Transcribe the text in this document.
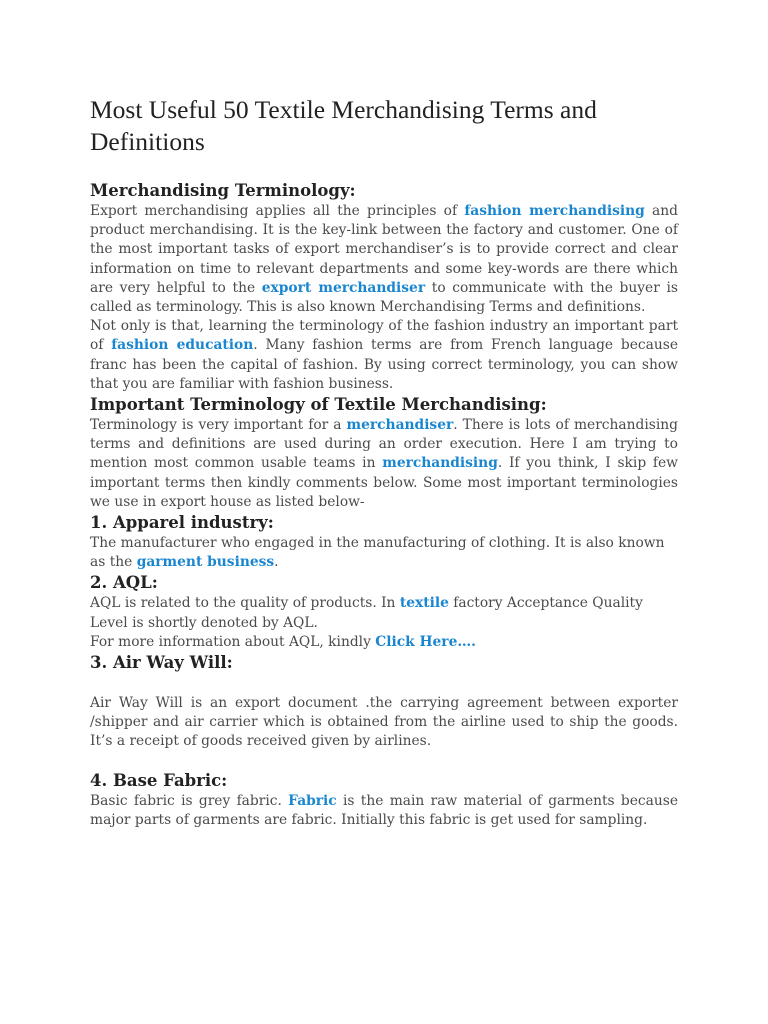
Most Useful 50 Textile Merchandising Terms and Definitions
Merchandising Terminology:

Export merchandising applies all the principles of fashion merchandising and product merchandising. It is the key-link between the factory and customer. One of the most important tasks of export merchandiser’s is to provide correct and clear information on time to relevant departments and some key-words are there which are very helpful to the export merchandiser to communicate with the buyer is called as terminology. This is also known Merchandising Terms and definitions.

Not only is that, learning the terminology of the fashion industry an important part of fashion education. Many fashion terms are from French language because franc has been the capital of fashion. By using correct terminology, you can show that you are familiar with fashion business.

Important Terminology of Textile Merchandising:

Terminology is very important for a merchandiser. There is lots of merchandising terms and definitions are used during an order execution. Here I am trying to mention most common usable teams in merchandising. If you think, I skip few important terms then kindly comments below. Some most important terminologies we use in export house as listed below-

1. Apparel industry:

The manufacturer who engaged in the manufacturing of clothing. It is also known as the garment business.

2. AQL:

AQL is related to the quality of products. In textile factory Acceptance Quality Level is shortly denoted by AQL.

For more information about AQL, kindly Click Here….

3. Air Way Will:

Air Way Will is an export document .the carrying agreement between exporter /shipper and air carrier which is obtained from the airline used to ship the goods. It’s a receipt of goods received given by airlines.

4. Base Fabric:

Basic fabric is grey fabric. Fabric is the main raw material of garments because major parts of garments are fabric. Initially this fabric is get used for sampling.
